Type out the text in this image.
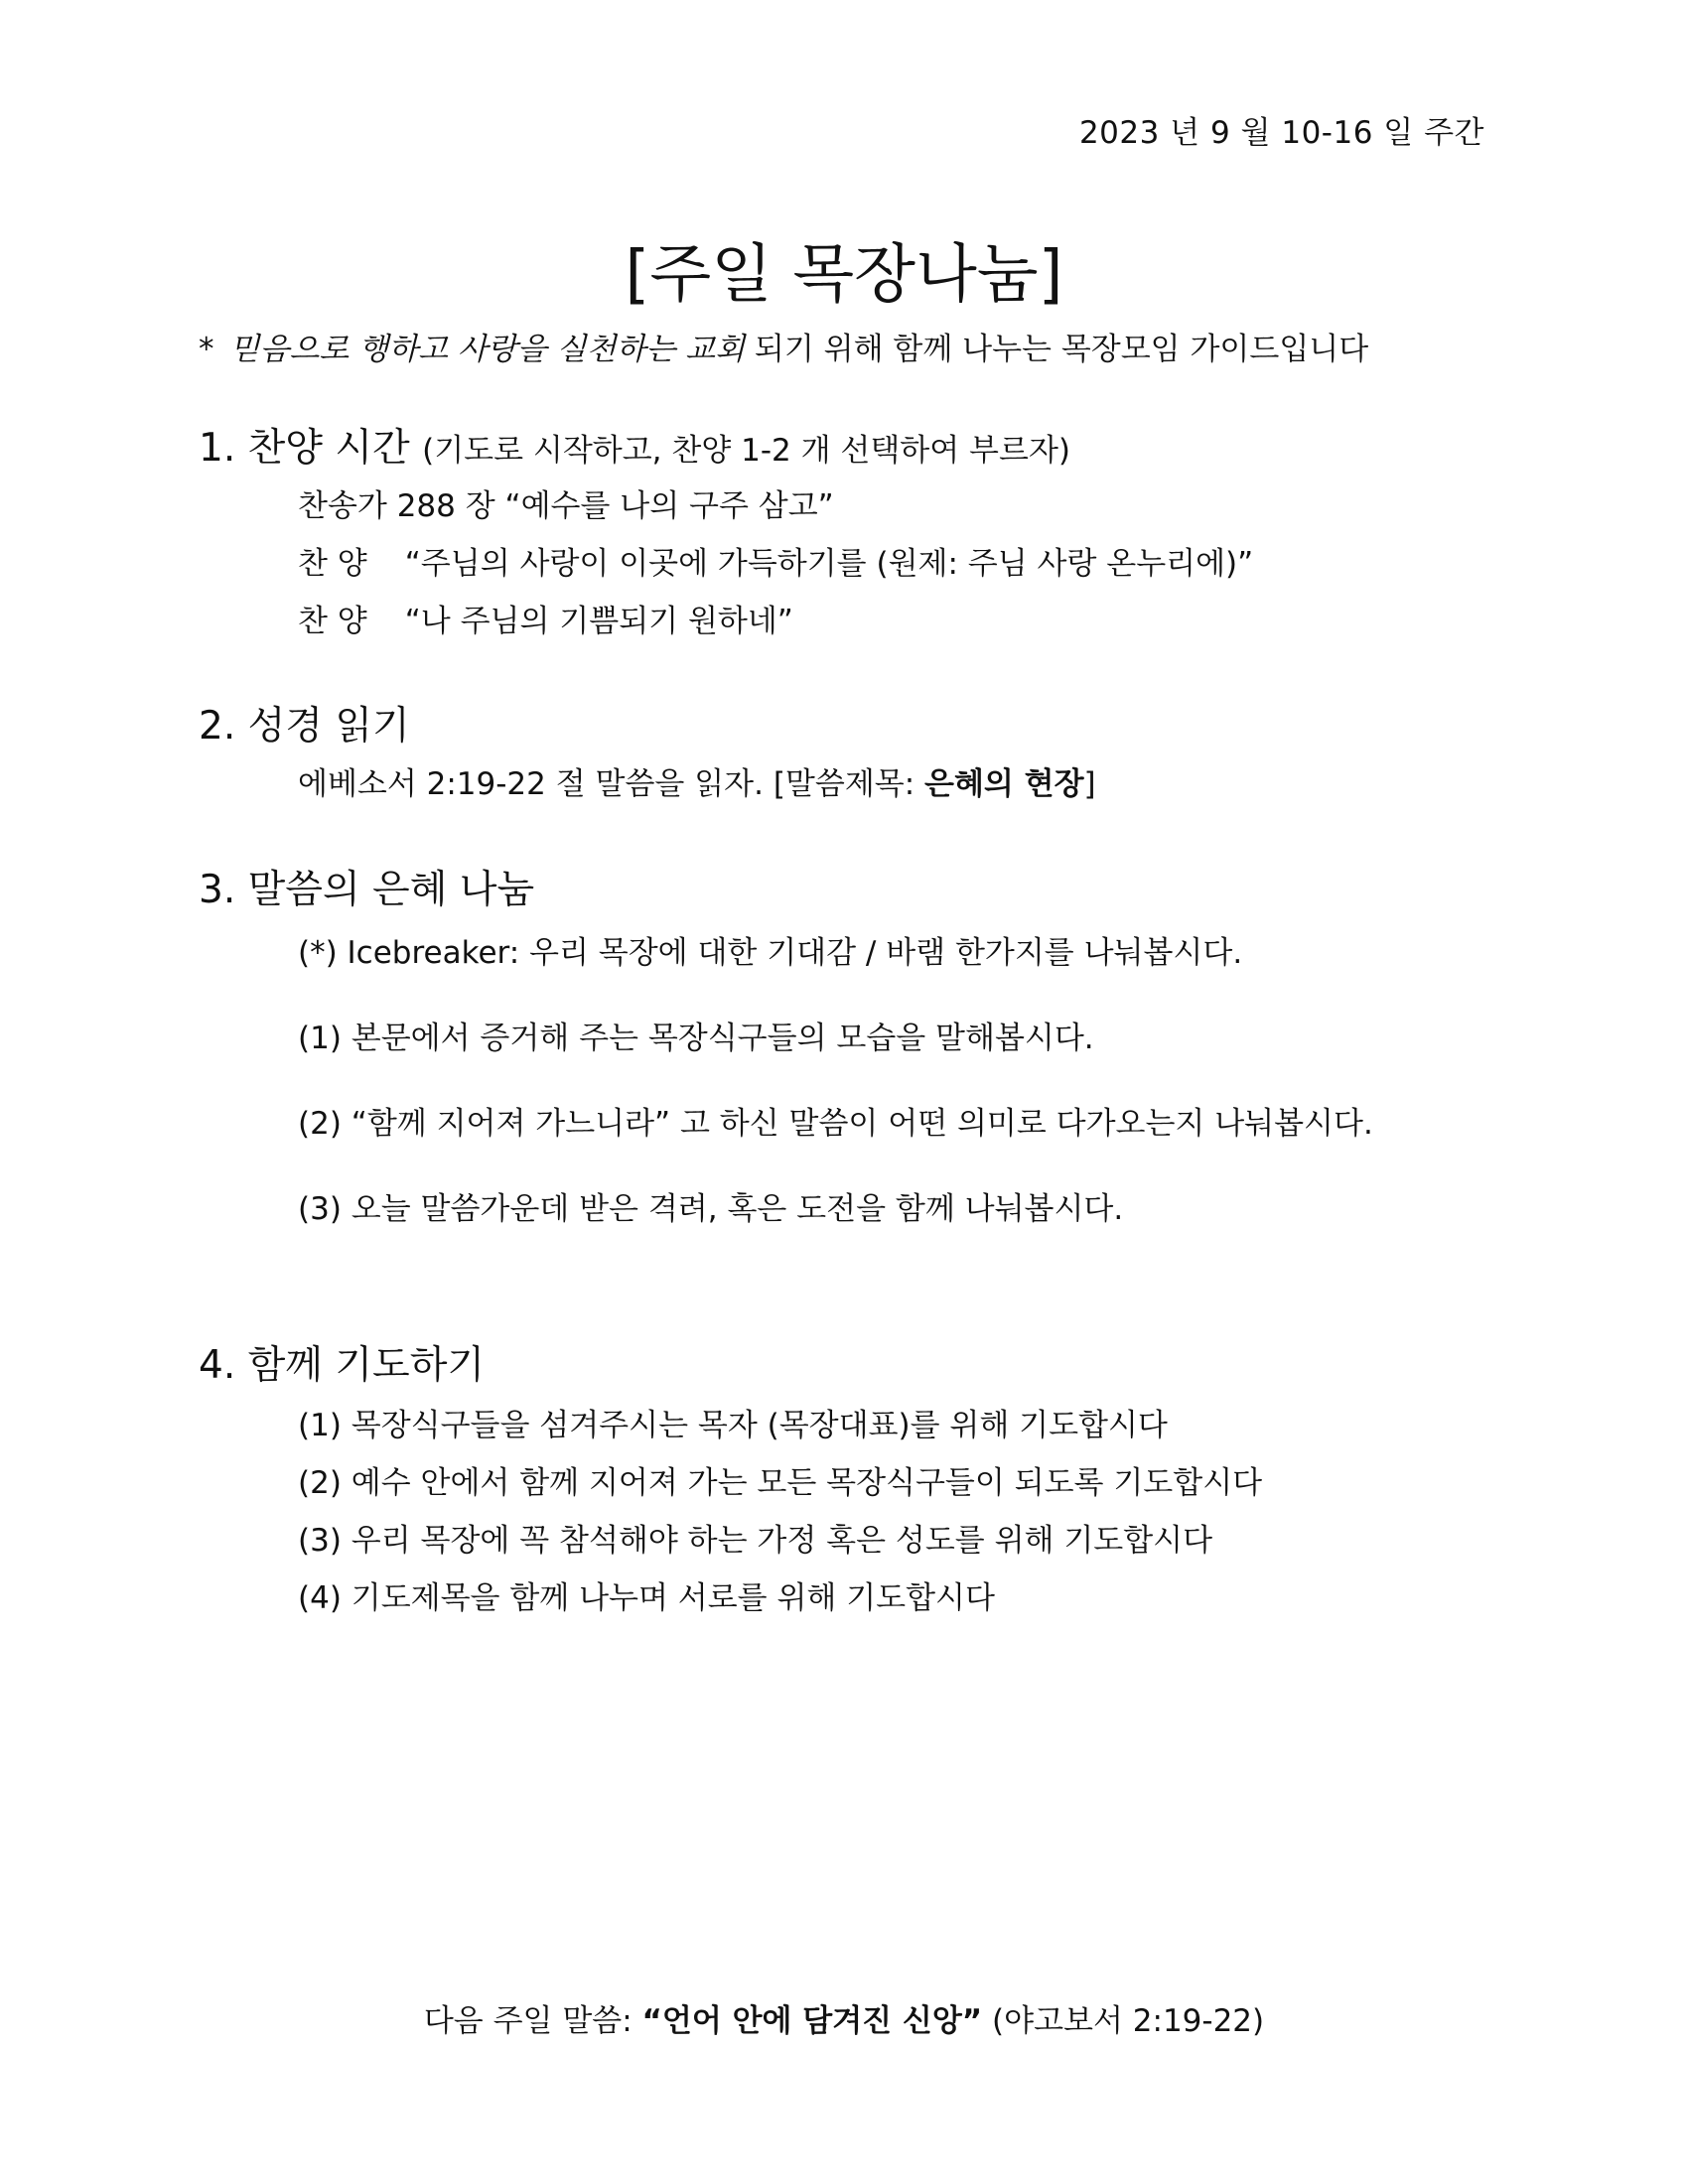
2023 년 9 월 10-16 일 주간
[주일 목장나눔]
* 믿음으로 행하고 사랑을 실천하는 교회 되기 위해 함께 나누는 목장모임 가이드입니다
1. 찬양 시간 (기도로 시작하고, 찬양 1-2 개 선택하여 부르자)
찬송가 288 장 “예수를 나의 구주 삼고”
찬 양 “주님의 사랑이 이곳에 가득하기를 (원제: 주님 사랑 온누리에)”
찬 양 “나 주님의 기쁨되기 원하네”
2. 성경 읽기
에베소서 2:19-22 절 말씀을 읽자. [말씀제목: 은혜의 현장]
3. 말씀의 은혜 나눔
(*) Icebreaker: 우리 목장에 대한 기대감 / 바램 한가지를 나눠봅시다.
(1) 본문에서 증거해 주는 목장식구들의 모습을 말해봅시다.
(2) “함께 지어져 가느니라” 고 하신 말씀이 어떤 의미로 다가오는지 나눠봅시다.
(3) 오늘 말씀가운데 받은 격려, 혹은 도전을 함께 나눠봅시다.
4. 함께 기도하기
(1) 목장식구들을 섬겨주시는 목자 (목장대표)를 위해 기도합시다
(2) 예수 안에서 함께 지어져 가는 모든 목장식구들이 되도록 기도합시다
(3) 우리 목장에 꼭 참석해야 하는 가정 혹은 성도를 위해 기도합시다
(4) 기도제목을 함께 나누며 서로를 위해 기도합시다
다음 주일 말씀: “언어 안에 담겨진 신앙” (야고보서 2:19-22)
